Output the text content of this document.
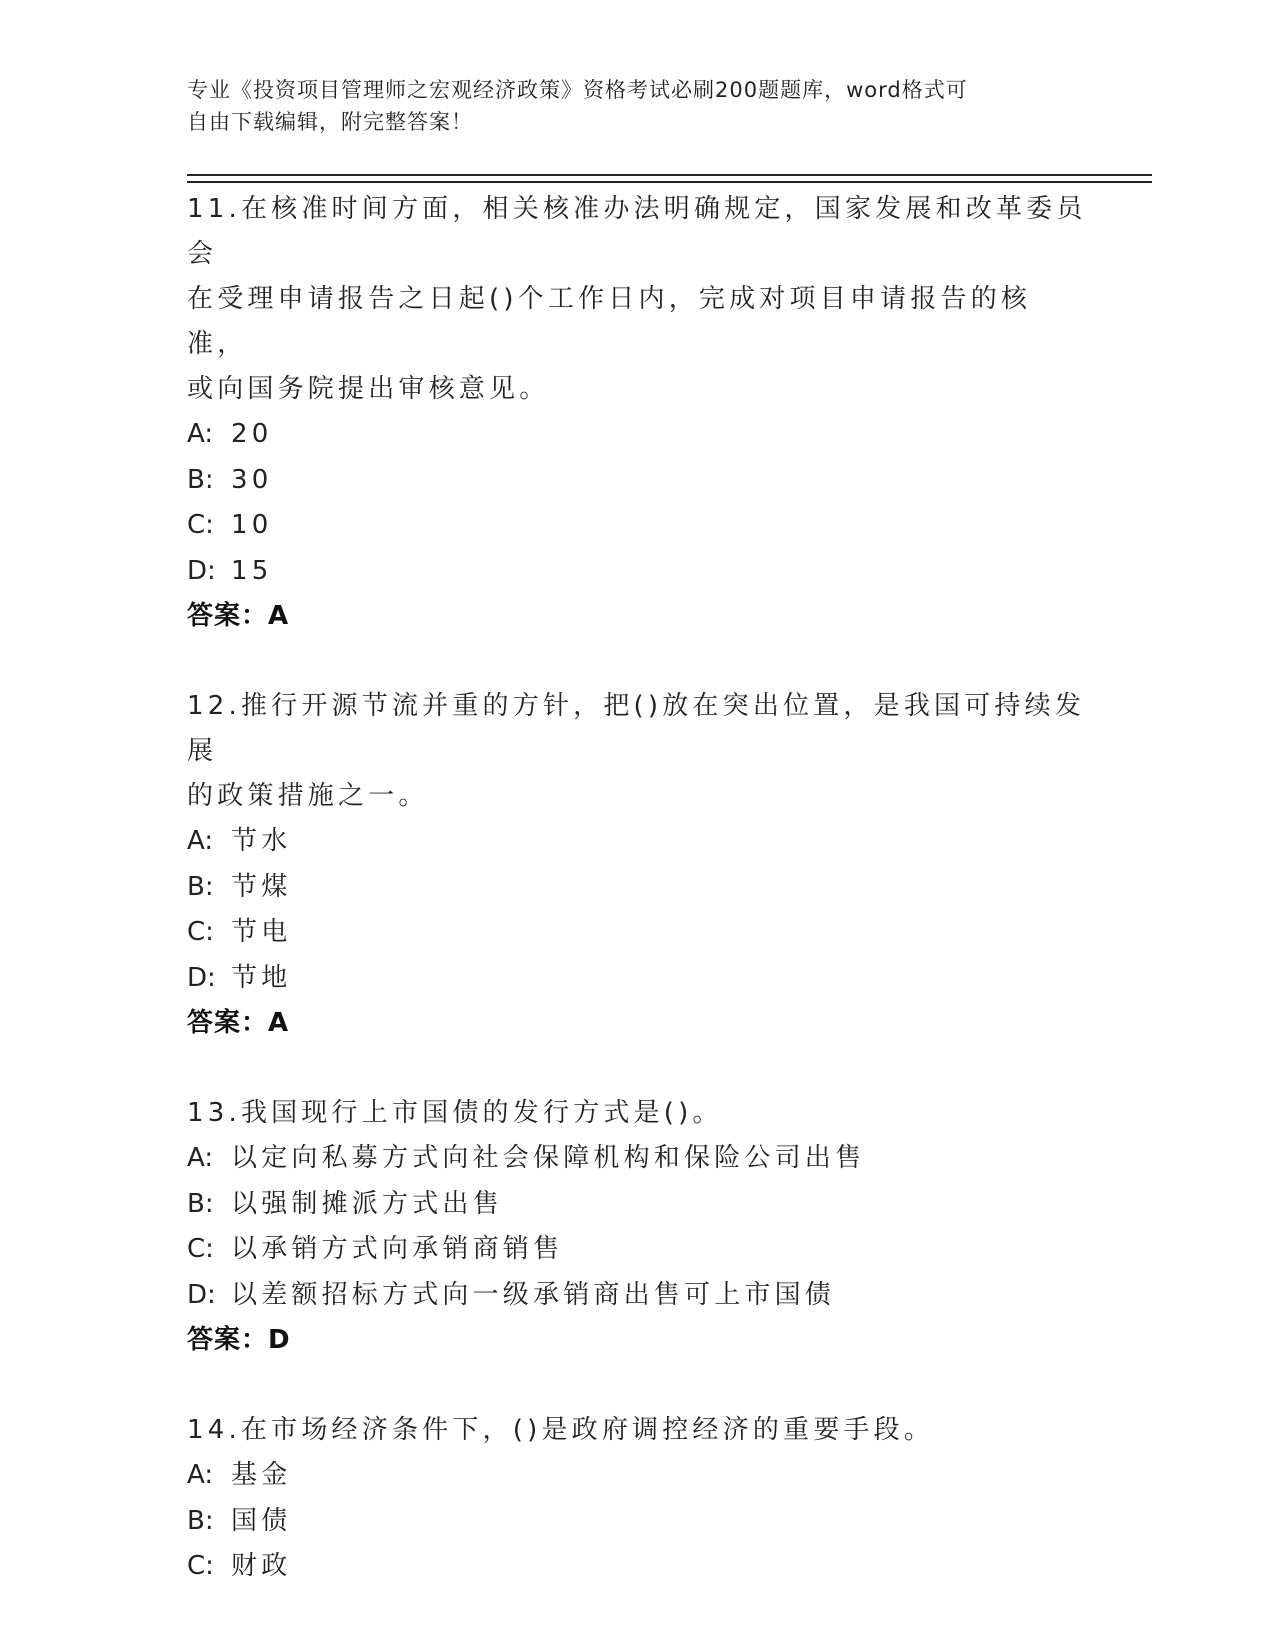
专业《投资项目管理师之宏观经济政策》资格考试必刷200题题库，word格式可
自由下载编辑，附完整答案！
11.在核准时间方面，相关核准办法明确规定，国家发展和改革委员会
在受理申请报告之日起()个工作日内，完成对项目申请报告的核准，
或向国务院提出审核意见。
A: 20
B: 30
C: 10
D: 15
答案：A
12.推行开源节流并重的方针，把()放在突出位置，是我国可持续发展
的政策措施之一。
A: 节水
B: 节煤
C: 节电
D: 节地
答案：A
13.我国现行上市国债的发行方式是()。
A: 以定向私募方式向社会保障机构和保险公司出售
B: 以强制摊派方式出售
C: 以承销方式向承销商销售
D: 以差额招标方式向一级承销商出售可上市国债
答案：D
14.在市场经济条件下，()是政府调控经济的重要手段。
A: 基金
B: 国债
C: 财政
